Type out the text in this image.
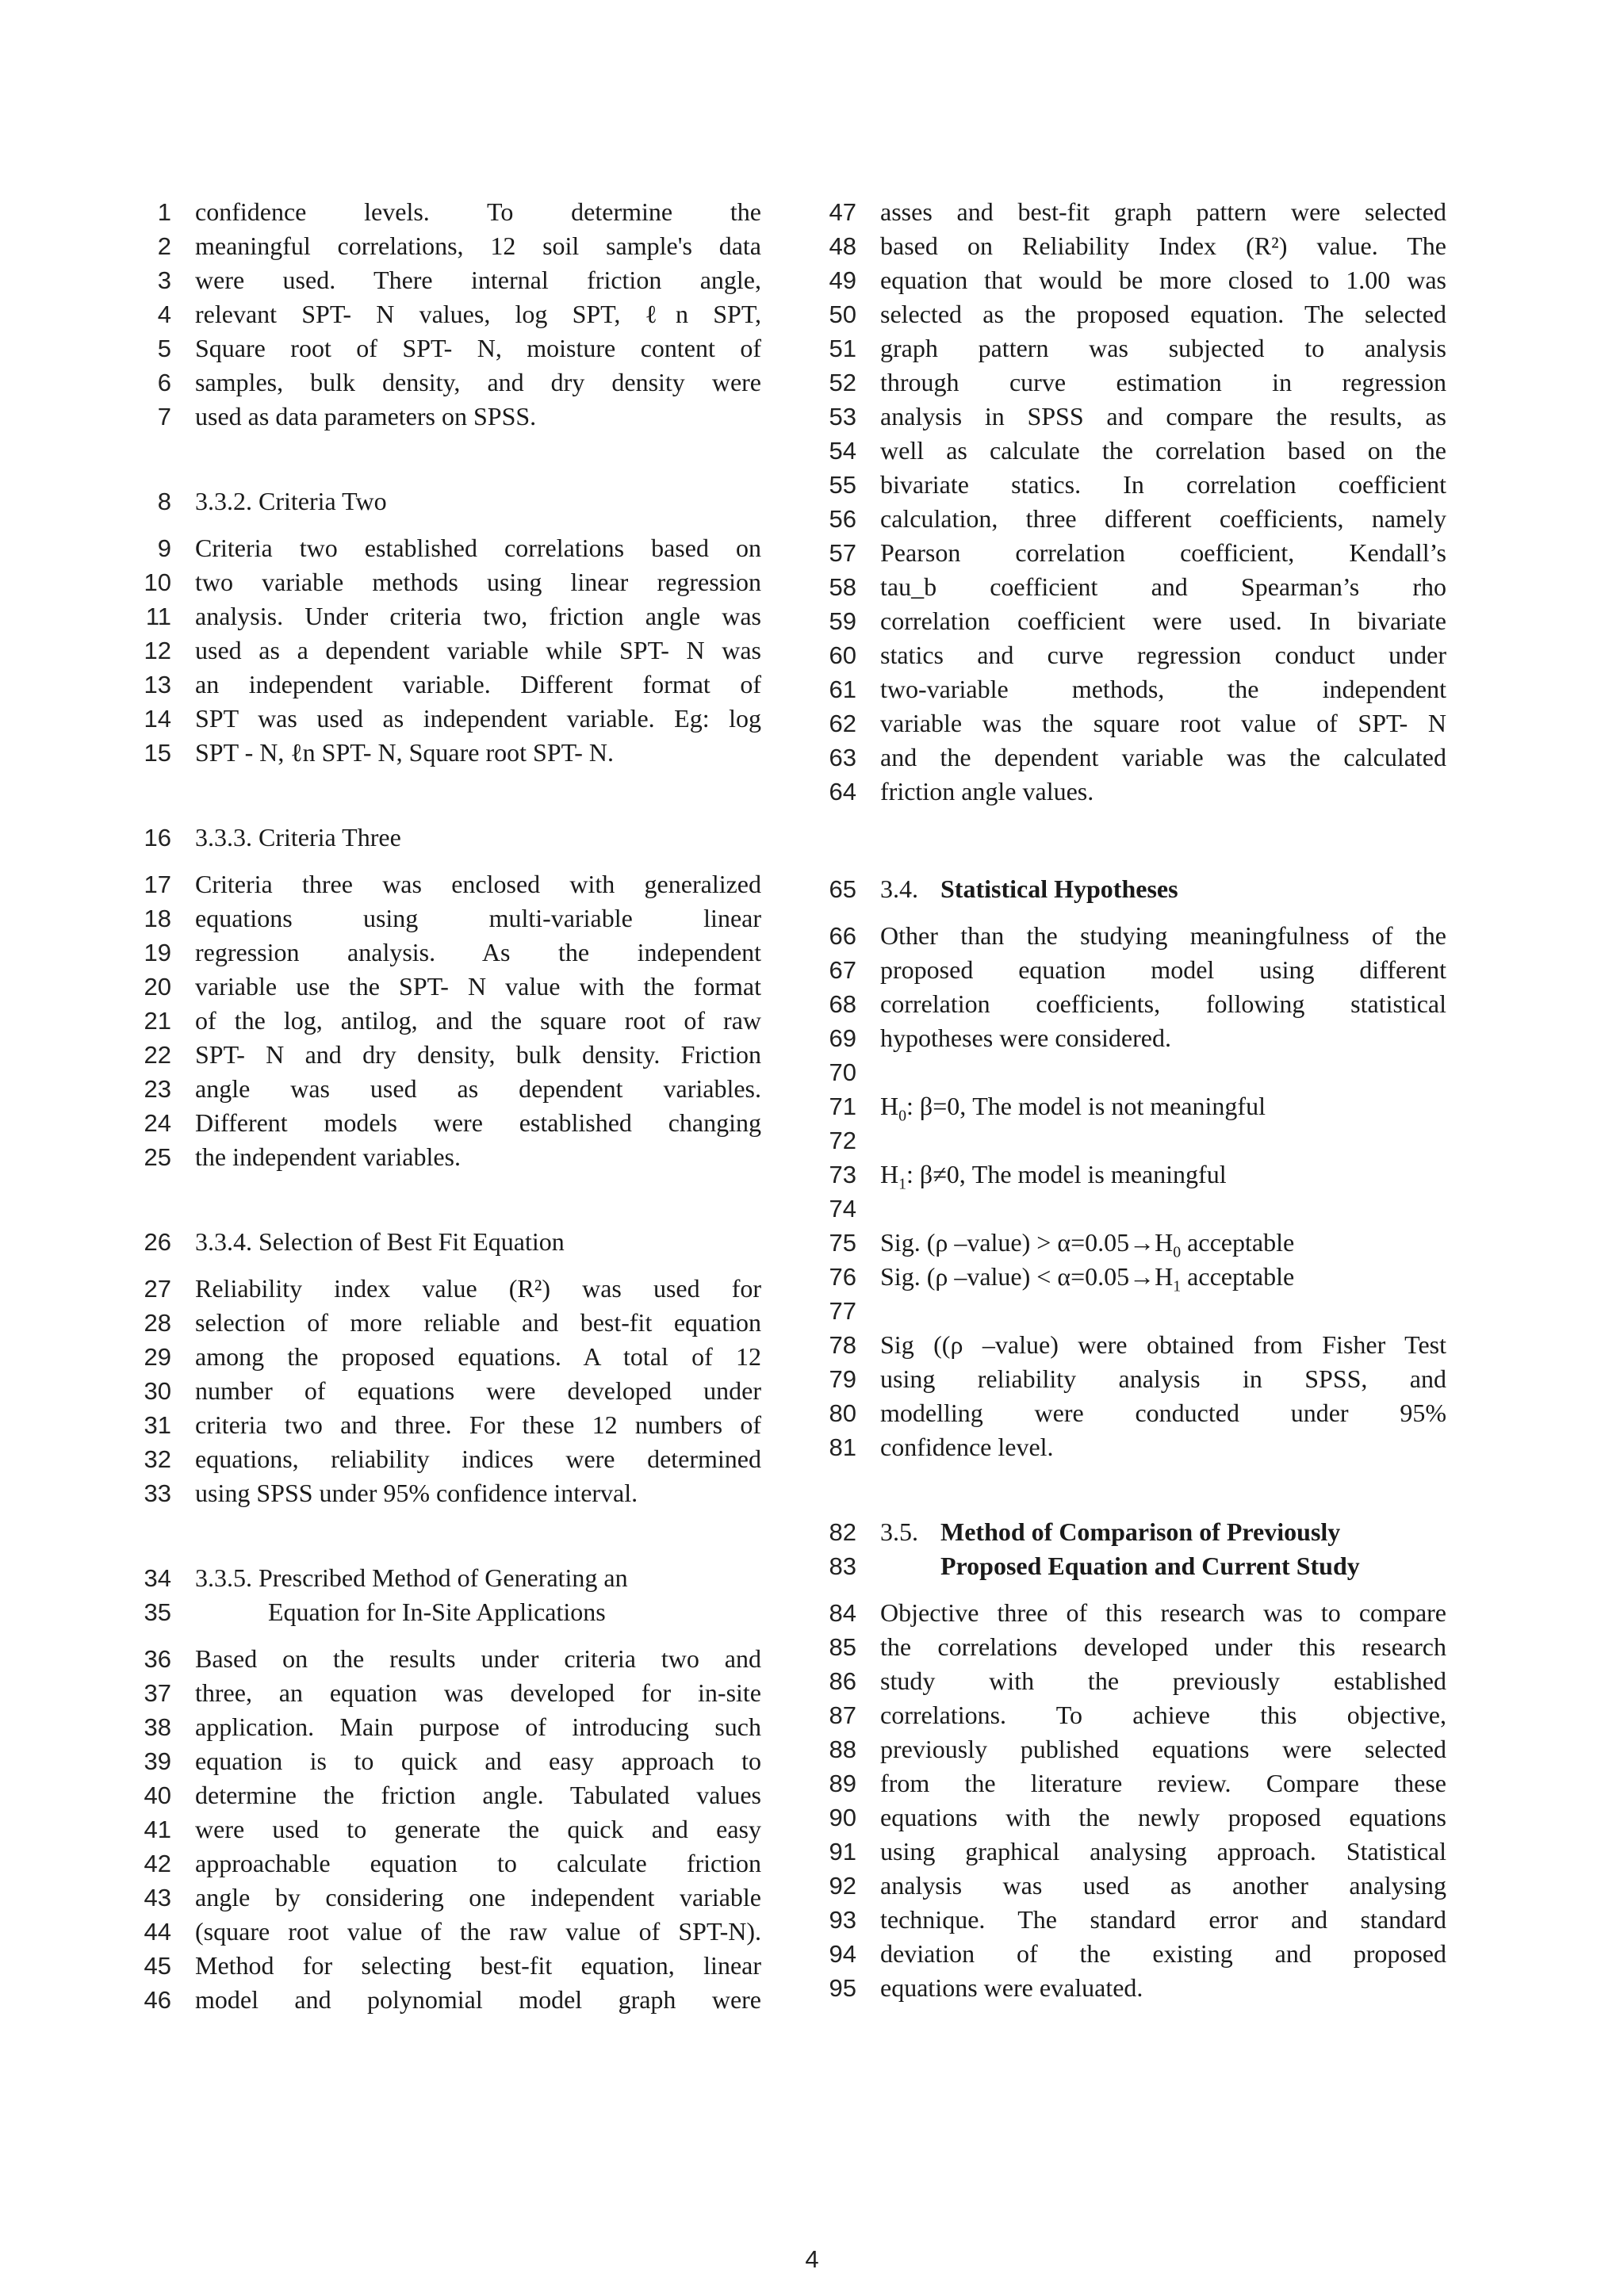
1 confidence levels. To determine the
2 meaningful correlations, 12 soil sample's data
3 were used. There internal friction angle,
4 relevant SPT- N values, log SPT, ℓn SPT,
5 Square root of SPT- N, moisture content of
6 samples, bulk density, and dry density were
7 used as data parameters on SPSS.
8 3.3.2. Criteria Two
9 Criteria two established correlations based on
10 two variable methods using linear regression
11 analysis. Under criteria two, friction angle was
12 used as a dependent variable while SPT- N was
13 an independent variable. Different format of
14 SPT was used as independent variable. Eg: log
15 SPT - N, ℓn SPT- N, Square root SPT- N.
16 3.3.3. Criteria Three
17 Criteria three was enclosed with generalized
18 equations using multi-variable linear
19 regression analysis. As the independent
20 variable use the SPT- N value with the format
21 of the log, antilog, and the square root of raw
22 SPT- N and dry density, bulk density. Friction
23 angle was used as dependent variables.
24 Different models were established changing
25 the independent variables.
26 3.3.4. Selection of Best Fit Equation
27 Reliability index value (R²) was used for
28 selection of more reliable and best-fit equation
29 among the proposed equations. A total of 12
30 number of equations were developed under
31 criteria two and three. For these 12 numbers of
32 equations, reliability indices were determined
33 using SPSS under 95% confidence interval.
34 3.3.5. Prescribed Method of Generating an
35	Equation for In-Site Applications
36 Based on the results under criteria two and
37 three, an equation was developed for in-site
38 application. Main purpose of introducing such
39 equation is to quick and easy approach to
40 determine the friction angle. Tabulated values
41 were used to generate the quick and easy
42 approachable equation to calculate friction
43 angle by considering one independent variable
44 (square root value of the raw value of SPT-N).
45 Method for selecting best-fit equation, linear
46 model and polynomial model graph were
47 asses and best-fit graph pattern were selected
48 based on Reliability Index (R²) value. The
49 equation that would be more closed to 1.00 was
50 selected as the proposed equation. The selected
51 graph pattern was subjected to analysis
52 through curve estimation in regression
53 analysis in SPSS and compare the results, as
54 well as calculate the correlation based on the
55 bivariate statics. In correlation coefficient
56 calculation, three different coefficients, namely
57 Pearson correlation coefficient, Kendall’s
58 tau_b coefficient and Spearman’s rho
59 correlation coefficient were used. In bivariate
60 statics and curve regression conduct under
61 two-variable methods, the independent
62 variable was the square root value of SPT- N
63 and the dependent variable was the calculated
64 friction angle values.
65 3.4. Statistical Hypotheses
66 Other than the studying meaningfulness of the
67 proposed equation model using different
68 correlation coefficients, following statistical
69 hypotheses were considered.
70
71 $H_0$: β=0, The model is not meaningful
72
73 $H_1$: β≠0, The model is meaningful
74
75 Sig. (ρ –value) > $\alpha=0.05\to H_0$ acceptable
76 Sig. (ρ –value) < $\alpha=0.05\to H_1$ acceptable
77
78 Sig ((ρ –value) were obtained from Fisher Test
79 using reliability analysis in SPSS, and
80 modelling were conducted under 95%
81 confidence level.
82 3.5. Method of Comparison of Previously
83	Proposed Equation and Current Study
84 Objective three of this research was to compare
85 the correlations developed under this research
86 study with the previously established
87 correlations. To achieve this objective,
88 previously published equations were selected
89 from the literature review. Compare these
90 equations with the newly proposed equations
91 using graphical analysing approach. Statistical
92 analysis was used as another analysing
93 technique. The standard error and standard
94 deviation of the existing and proposed
95 equations were evaluated.
4
